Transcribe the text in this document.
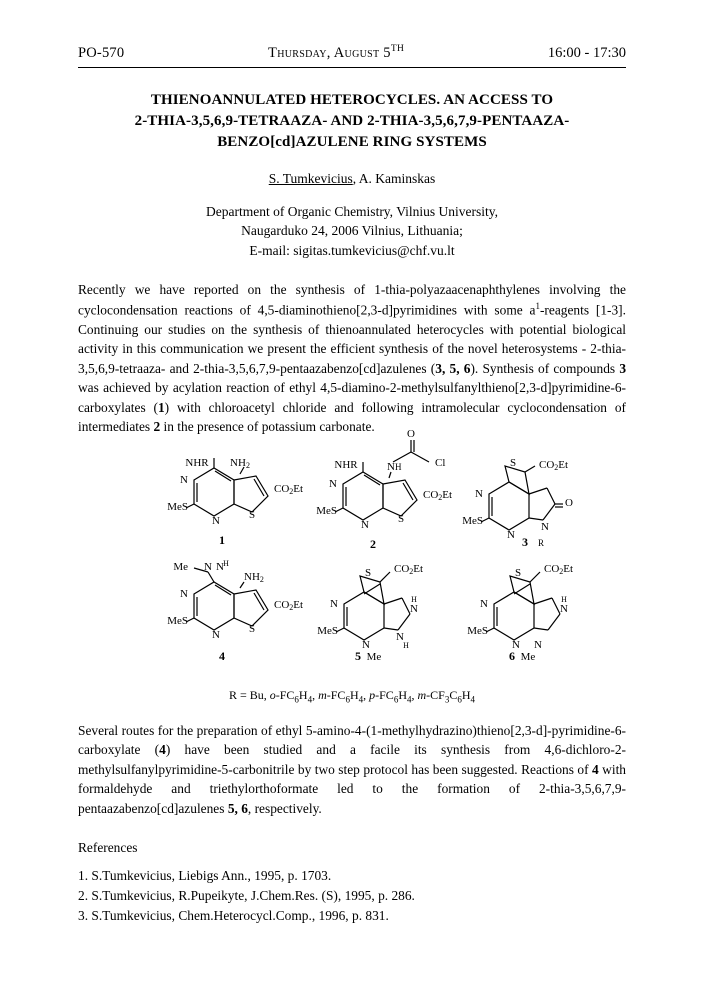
PO-570	Thursday, August 5TH	16:00 - 17:30
THIENOANNULATED HETEROCYCLES. AN ACCESS TO
2-THIA-3,5,6,9-TETRAAZA- AND 2-THIA-3,5,6,7,9-PENTAAZA-
BENZO[cd]AZULENE RING SYSTEMS
S. Tumkevicius, A. Kaminskas
Department of Organic Chemistry, Vilnius University,
Naugarduko 24, 2006 Vilnius, Lithuania;
E-mail: sigitas.tumkevicius@chf.vu.lt
Recently we have reported on the synthesis of 1-thia-polyazaacenaphthylenes involving the cyclocondensation reactions of 4,5-diaminothieno[2,3-d]pyrimidines with some $a^1$-reagents [1-3]. Continuing our studies on the synthesis of thienoannulated heterocycles with potential biological activity in this communication we present the efficient synthesis of the novel heterosystems - 2-thia-3,5,6,9-tetraaza- and 2-thia-3,5,6,7,9-pentaazabenzo[cd]azulenes (3, 5, 6). Synthesis of compounds 3 was achieved by acylation reaction of ethyl 4,5-diamino-2-methylsulfanylthieno[2,3-d]pyrimidine-6-carboxylates (1) with chloroacetyl chloride and following intramolecular cyclocondensation of intermediates 2 in the presence of potassium carbonate.
NHR NH2
N
MeS
N	S
CO2Et
1
NHR	N H
O
Cl
N
MeS
N	S
CO2Et
2
S CO2Et
N
MeS
N
N
O
R
3
Me N N H
NH2
N
MeS
N	S
CO2Et
4
S CO2Et
N
MeS
N
N
H
N
H
Me
5
S CO2Et
N
MeS
N N
N
H
Me
6
R = Bu, $o-FC_6H_4$, $m-FC_6H_4$, $p-FC_6H_4$, $m-CF_3C_6H_4$
Several routes for the preparation of ethyl 5-amino-4-(1-methylhydrazino)thieno[2,3-d]-pyrimidine-6-carboxylate (4) have been studied and a facile its synthesis from 4,6-dichloro-2-methylsulfanylpyrimidine-5-carbonitrile by two step protocol has been suggested. Reactions of 4 with formaldehyde and triethylorthoformate led to the formation of 2-thia-3,5,6,7,9-pentaazabenzo[cd]azulenes 5, 6, respectively.
References
1. S.Tumkevicius, Liebigs Ann., 1995, p. 1703.
2. S.Tumkevicius, R.Pupeikyte, J.Chem.Res. (S), 1995, p. 286.
3. S.Tumkevicius, Chem.Heterocycl.Comp., 1996, p. 831.
